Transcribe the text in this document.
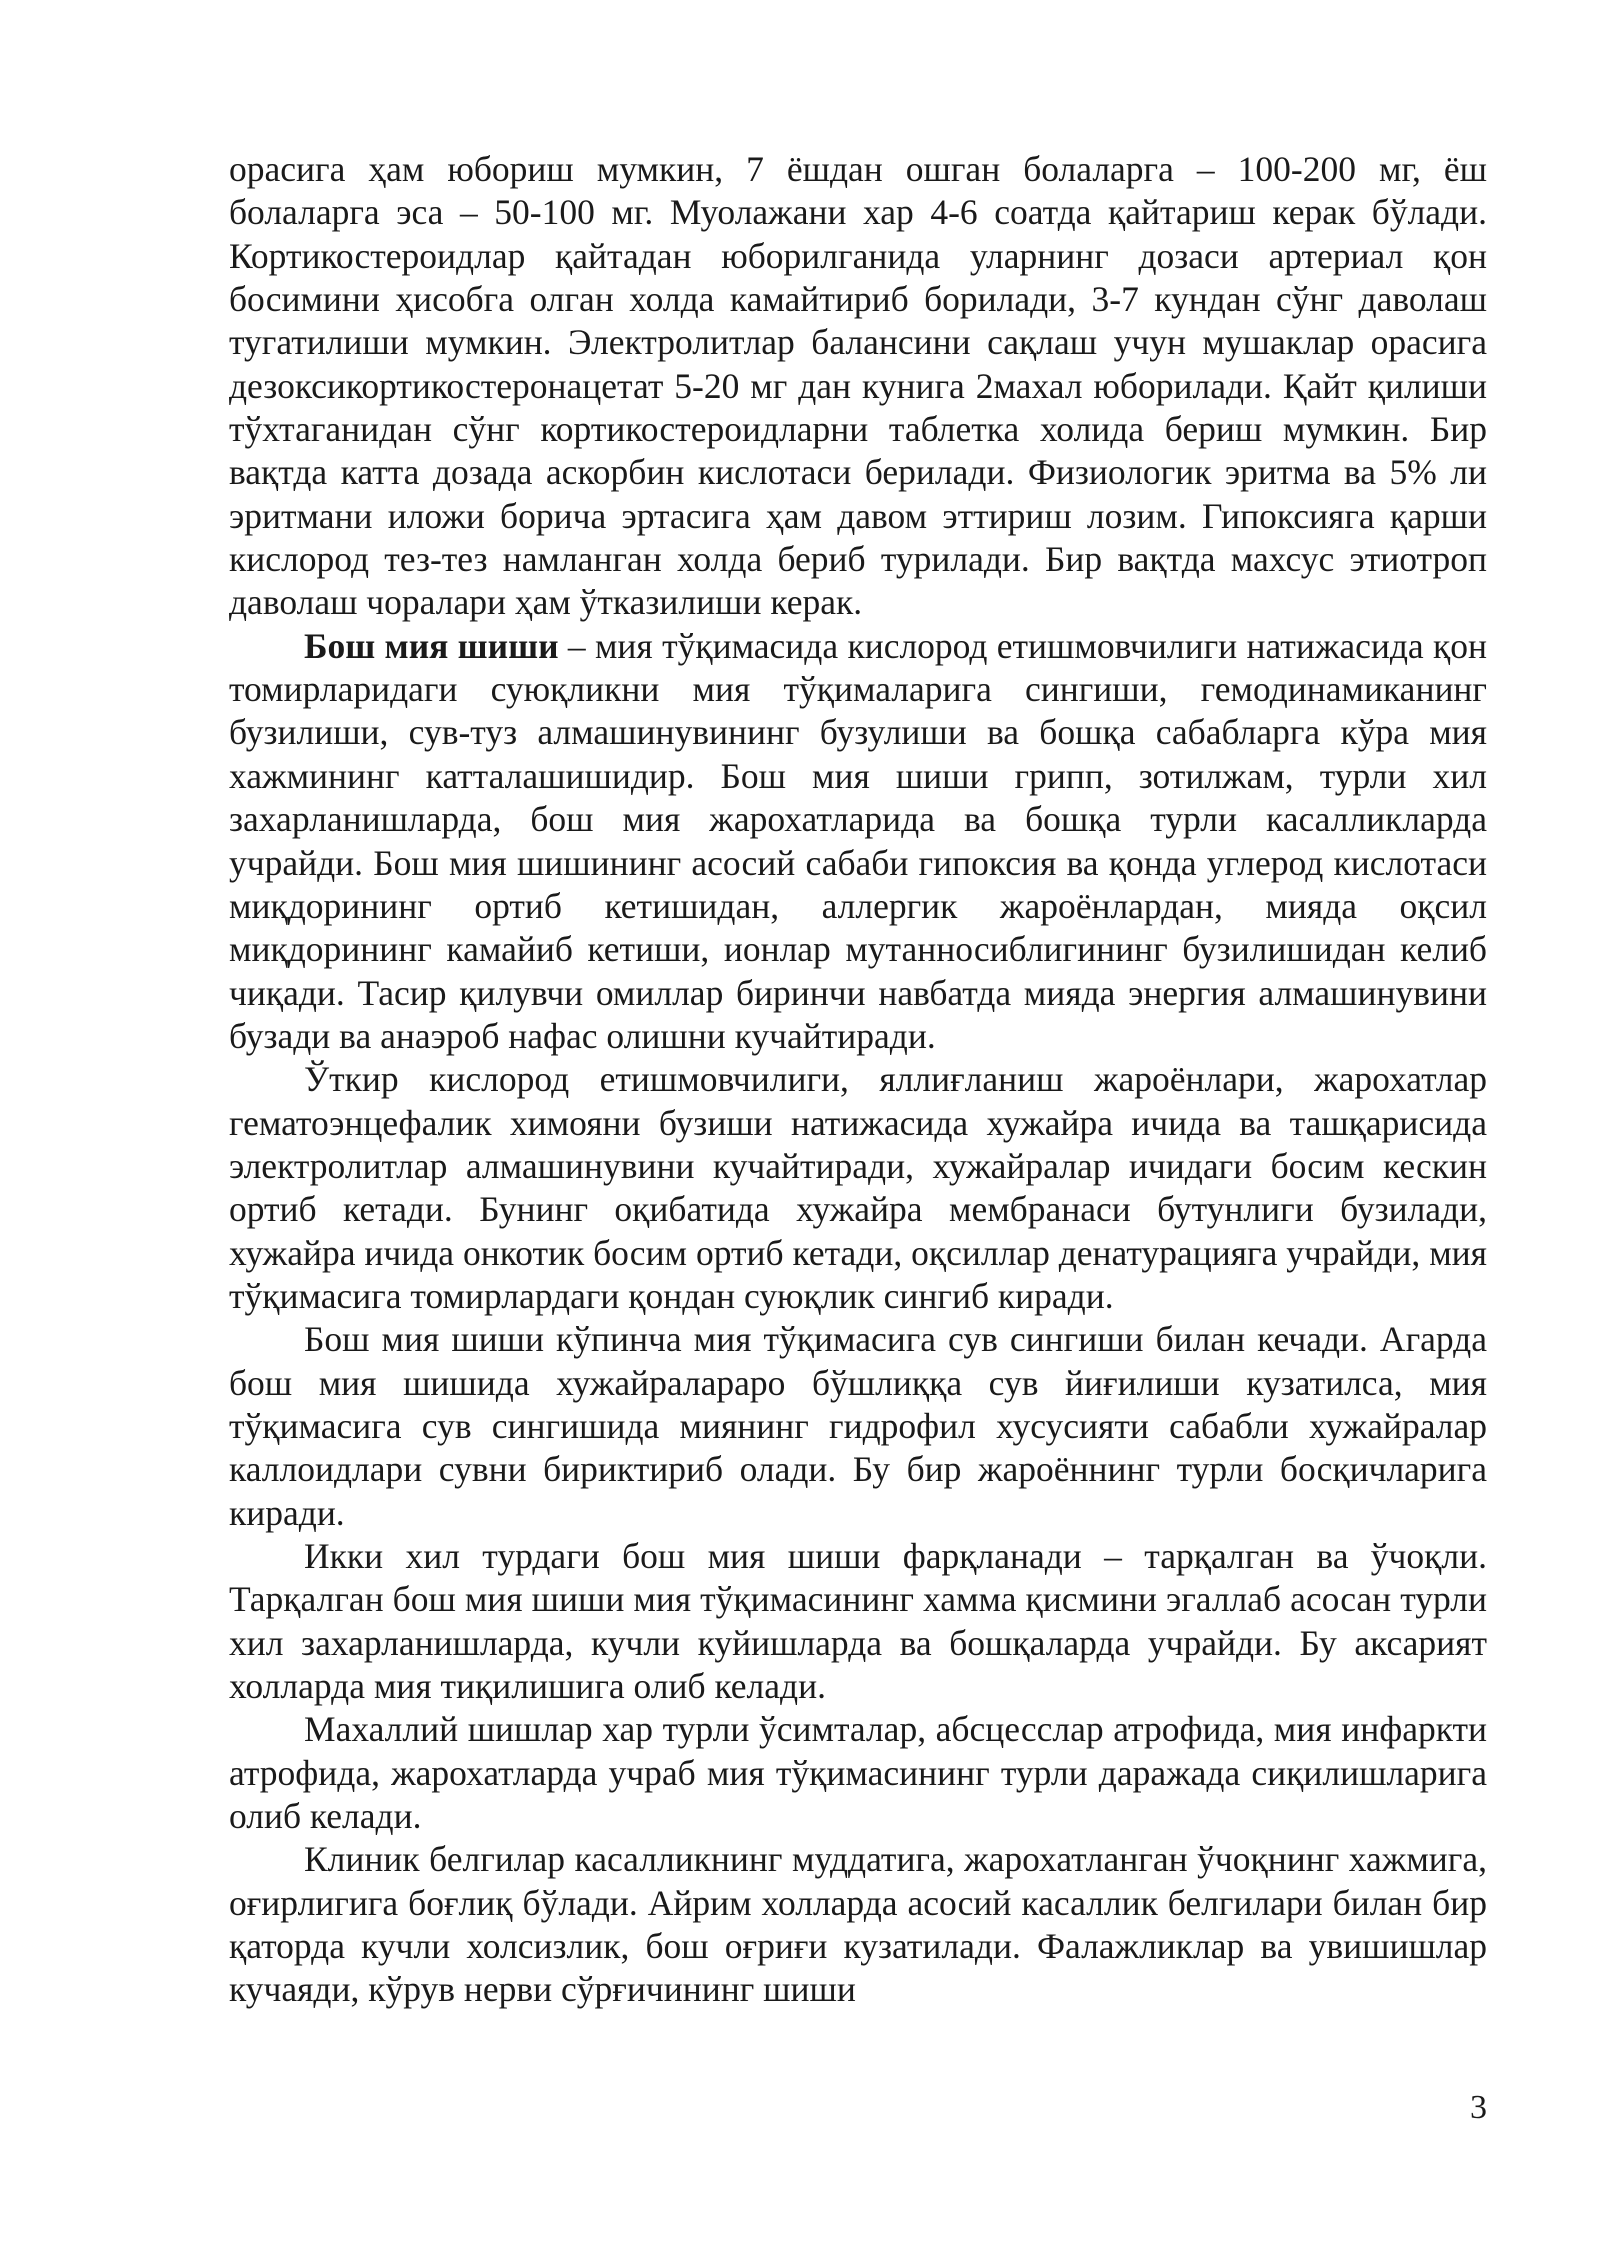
орасига ҳам юбориш мумкин, 7 ёшдан ошган болаларга – 100-200 мг, ёш болаларга эса – 50-100 мг. Муолажани хар 4-6 соатда қайтариш керак бўлади. Кортикостероидлар қайтадан юборилганида уларнинг дозаси артериал қон босимини ҳисобга олган холда камайтириб борилади, 3-7 кундан сўнг даволаш тугатилиши мумкин. Электролитлар балансини сақлаш учун мушаклар орасига дезоксикортикостеронацетат 5-20 мг дан кунига 2махал юборилади. Қайт қилиши тўхтаганидан сўнг кортикостероидларни таблетка холида бериш мумкин. Бир вақтда катта дозада аскорбин кислотаси берилади. Физиологик эритма ва 5% ли эритмани иложи борича эртасига ҳам давом эттириш лозим. Гипоксияга қарши кислород тез-тез намланган холда бериб турилади. Бир вақтда махсус этиотроп даволаш чоралари ҳам ўтказилиши керак.

Бош мия шиши – мия тўқимасида кислород етишмовчилиги натижасида қон томирларидаги суюқликни мия тўқималарига сингиши, гемодинамиканинг бузилиши, сув-туз алмашинувининг бузулиши ва бошқа сабабларга кўра мия хажмининг катталашишидир. Бош мия шиши грипп, зотилжам, турли хил захарланишларда, бош мия жарохатларида ва бошқа турли касалликларда учрайди. Бош мия шишининг асосий сабаби гипоксия ва қонда углерод кислотаси миқдорининг ортиб кетишидан, аллергик жароёнлардан, мияда оқсил миқдорининг камайиб кетиши, ионлар мутанносиблигининг бузилишидан келиб чиқади. Тасир қилувчи омиллар биринчи навбатда мияда энергия алмашинувини бузади ва анаэроб нафас олишни кучайтиради.

Ўткир кислород етишмовчилиги, яллиғланиш жароёнлари, жарохатлар гематоэнцефалик химояни бузиши натижасида хужайра ичида ва ташқарисида электролитлар алмашинувини кучайтиради, хужайралар ичидаги босим кескин ортиб кетади. Бунинг оқибатида хужайра мембранаси бутунлиги бузилади, хужайра ичида онкотик босим ортиб кетади, оқсиллар денатурацияга учрайди, мия тўқимасига томирлардаги қондан суюқлик сингиб киради.

Бош мия шиши кўпинча мия тўқимасига сув сингиши билан кечади. Агарда бош мия шишида хужайралараро бўшлиққа сув йиғилиши кузатилса, мия тўқимасига сув сингишида миянинг гидрофил хусусияти сабабли хужайралар каллоидлари сувни бириктириб олади. Бу бир жароённинг турли босқичларига киради.

Икки хил турдаги бош мия шиши фарқланади – тарқалган ва ўчоқли. Тарқалган бош мия шиши мия тўқимасининг хамма қисмини эгаллаб асосан турли хил захарланишларда, кучли куйишларда ва бошқаларда учрайди. Бу аксарият холларда мия тиқилишига олиб келади.

Махаллий шишлар хар турли ўсимталар, абсцесслар атрофида, мия инфаркти атрофида, жарохатларда учраб мия тўқимасининг турли даражада сиқилишларига олиб келади.

Клиник белгилар касалликнинг муддатига, жарохатланган ўчоқнинг хажмига, оғирлигига боғлиқ бўлади. Айрим холларда асосий касаллик белгилари билан бир қаторда кучли холсизлик, бош оғриғи кузатилади. Фалажликлар ва увишишлар кучаяди, кўрув нерви сўрғичининг шиши

3
